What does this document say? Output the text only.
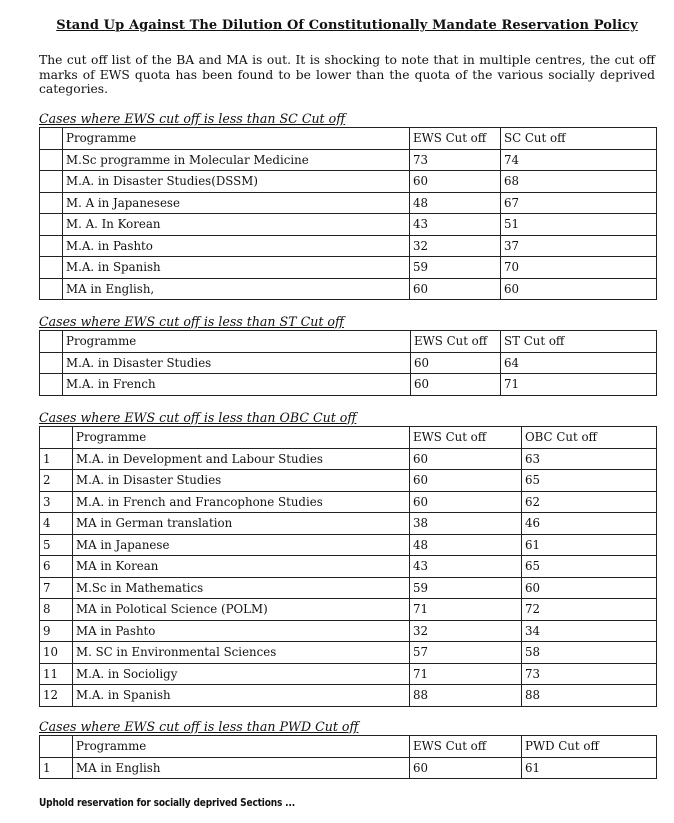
Stand Up Against The Dilution Of Constitutionally Mandate Reservation Policy
The cut off list of the BA and MA is out. It is shocking to note that in multiple centres, the cut off marks of EWS quota has been found to be lower than the quota of the various socially deprived categories.
Cases where EWS cut off is less than SC Cut off
	Programme	EWS Cut off	SC Cut off
	M.Sc programme in Molecular Medicine	73	74
	M.A. in Disaster Studies(DSSM)	60	68
	M. A in Japanesese	48	67
	M. A. In Korean	43	51
	M.A. in Pashto	32	37
	M.A. in Spanish	59	70
	MA in English,	60	60
Cases where EWS cut off is less than ST Cut off
	Programme	EWS Cut off	ST Cut off
	M.A. in Disaster Studies	60	64
	M.A. in French	60	71
Cases where EWS cut off is less than OBC Cut off
	Programme	EWS Cut off	OBC Cut off
1	M.A. in Development and Labour Studies	60	63
2	M.A. in Disaster Studies	60	65
3	M.A. in French and Francophone Studies	60	62
4	MA in German translation	38	46
5	MA in Japanese	48	61
6	MA in Korean	43	65
7	M.Sc in Mathematics	59	60
8	MA in Polotical Science (POLM)	71	72
9	MA in Pashto	32	34
10	M. SC in Environmental Sciences	57	58
11	M.A. in Socioligy	71	73
12	M.A. in Spanish	88	88
Cases where EWS cut off is less than PWD Cut off
	Programme	EWS Cut off	PWD Cut off
1	MA in English	60	61
Uphold reservation for socially deprived Sections ...
